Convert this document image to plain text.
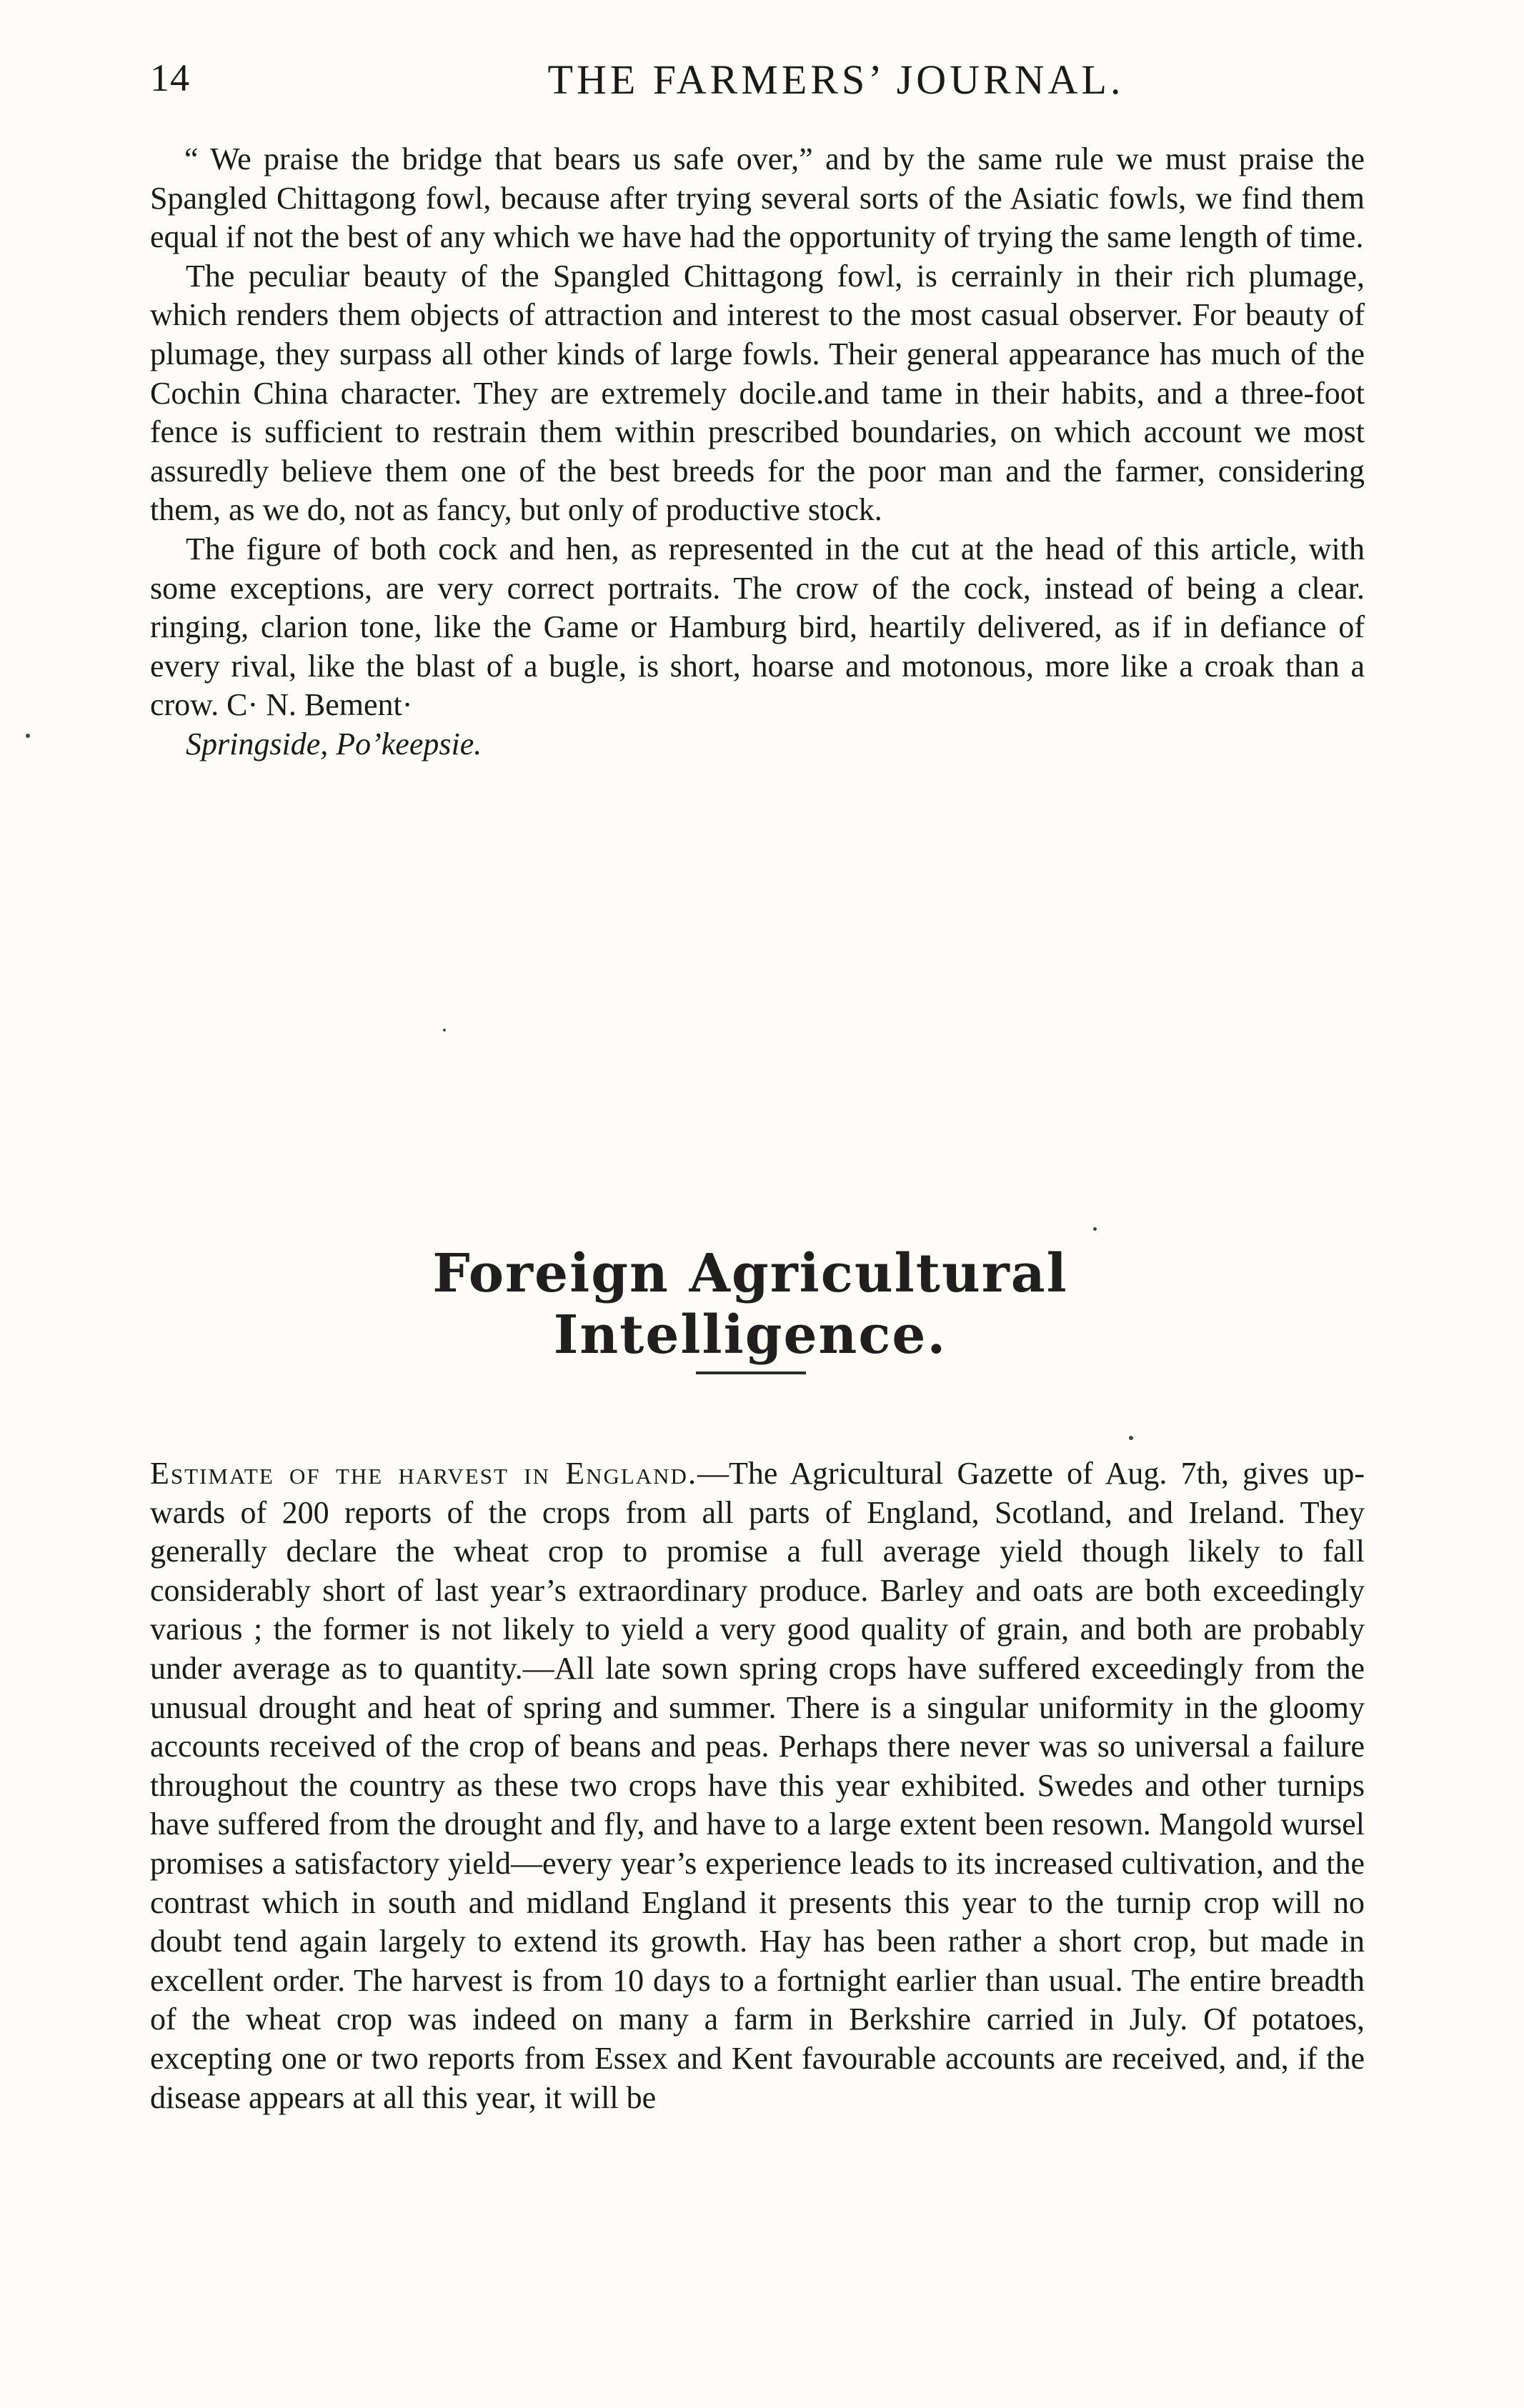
14	THE FARMERS’ JOURNAL.

“ We praise the bridge that bears us safe over,” and by the same rule we must praise the Spangled Chittagong fowl, because after trying several sorts of the Asiatic fowls, we find them equal if not the best of any which we have had the opportunity of trying the same length of time.

The peculiar beauty of the Spangled Chittagong fowl, is cerrainly in their rich plumage, which renders them objects of attraction and interest to the most casual observer. For beauty of plumage, they surpass all other kinds of large fowls. Their general appearance has much of the Cochin China character. They are extremely docile.and tame in their habits, and a three-foot fence is sufficient to restrain them within prescribed boundaries, on which account we most assuredly believe them one of the best breeds for the poor man and the farmer, considering them, as we do, not as fancy, but only of productive stock.

The figure of both cock and hen, as represented in the cut at the head of this article, with some exceptions, are very correct portraits. The crow of the cock, instead of being a clear. ringing, clarion tone, like the Game or Hamburg bird, heartily delivered, as if in defiance of every rival, like the blast of a bugle, is short, hoarse and motonous, more like a croak than a crow. C· N. Bement·

Springside, Po’keepsie.

Foreign Agricultural Intelligence.

Estimate of the harvest in England.—The Agricultural Gazette of Aug. 7th, gives up-wards of 200 reports of the crops from all parts of England, Scotland, and Ireland. They generally declare the wheat crop to promise a full average yield though likely to fall considerably short of last year’s extraordinary produce. Barley and oats are both exceedingly various ; the former is not likely to yield a very good quality of grain, and both are probably under average as to quantity.—All late sown spring crops have suffered exceedingly from the unusual drought and heat of spring and summer. There is a singular uniformity in the gloomy accounts received of the crop of beans and peas. Perhaps there never was so universal a failure throughout the country as these two crops have this year exhibited. Swedes and other turnips have suffered from the drought and fly, and have to a large extent been resown. Mangold wursel promises a satisfactory yield—every year’s experience leads to its increased cultivation, and the contrast which in south and midland England it presents this year to the turnip crop will no doubt tend again largely to extend its growth. Hay has been rather a short crop, but made in excellent order. The harvest is from 10 days to a fortnight earlier than usual. The entire breadth of the wheat crop was indeed on many a farm in Berkshire carried in July. Of potatoes, excepting one or two reports from Essex and Kent favourable accounts are received, and, if the disease appears at all this year, it will be
